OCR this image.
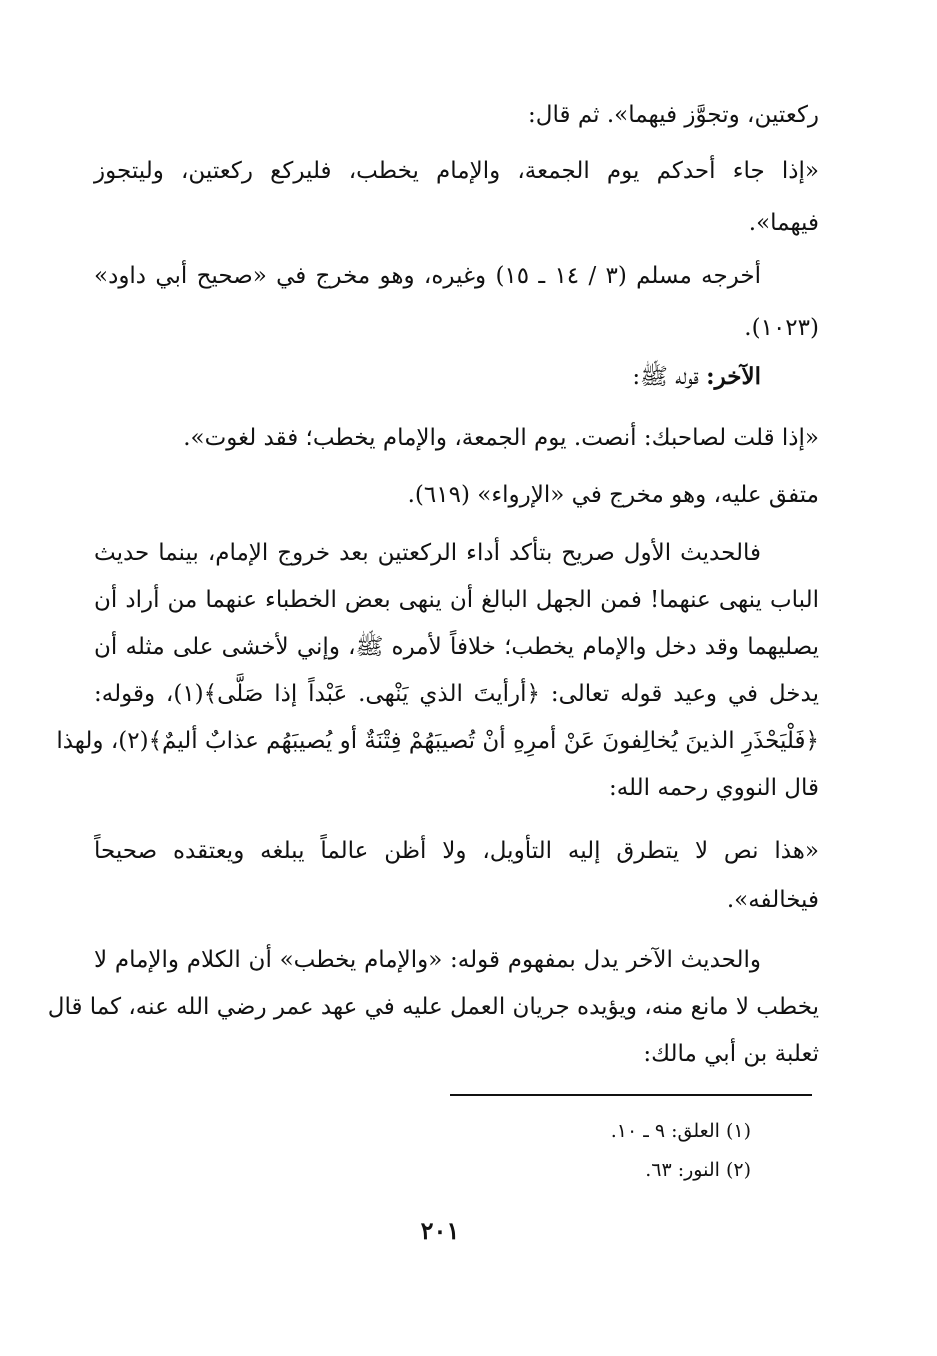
ركعتين، وتجوَّز فيهما». ثم قال:
«إذا جاء أحدكم يوم الجمعة، والإمام يخطب، فليركع ركعتين، وليتجوز
فيهما».
أخرجه مسلم (٣ / ١٤ ـ ١٥) وغيره، وهو مخرج في «صحيح أبي داود»
(١٠٢٣).
الآخر: قوله ﷺ:
«إذا قلت لصاحبك: أنصت. يوم الجمعة، والإمام يخطب؛ فقد لغوت».
متفق عليه، وهو مخرج في «الإرواء» (٦١٩).
فالحديث الأول صريح بتأكد أداء الركعتين بعد خروج الإمام، بينما حديث
الباب ينهى عنهما! فمن الجهل البالغ أن ينهى بعض الخطباء عنهما من أراد أن
يصليهما وقد دخل والإمام يخطب؛ خلافاً لأمره ﷺ، وإني لأخشى على مثله أن
يدخل في وعيد قوله تعالى: ﴿أرأيتَ الذي يَنْهى. عَبْداً إذا صَلَّى﴾(١)، وقوله:
﴿فَلْيَحْذَرِ الذينَ يُخالِفونَ عَنْ أمرِهِ أنْ تُصيبَهُمْ فِتْنَةٌ أو يُصيبَهُم عذابٌ أليمٌ﴾(٢)، ولهذا
قال النووي رحمه الله:
«هذا نص لا يتطرق إليه التأويل، ولا أظن عالماً يبلغه ويعتقده صحيحاً
فيخالفه».
والحديث الآخر يدل بمفهوم قوله: «والإمام يخطب» أن الكلام والإمام لا
يخطب لا مانع منه، ويؤيده جريان العمل عليه في عهد عمر رضي الله عنه، كما قال
ثعلبة بن أبي مالك:
(١) العلق: ٩ ـ ١٠.
(٢) النور: ٦٣.
٢٠١
